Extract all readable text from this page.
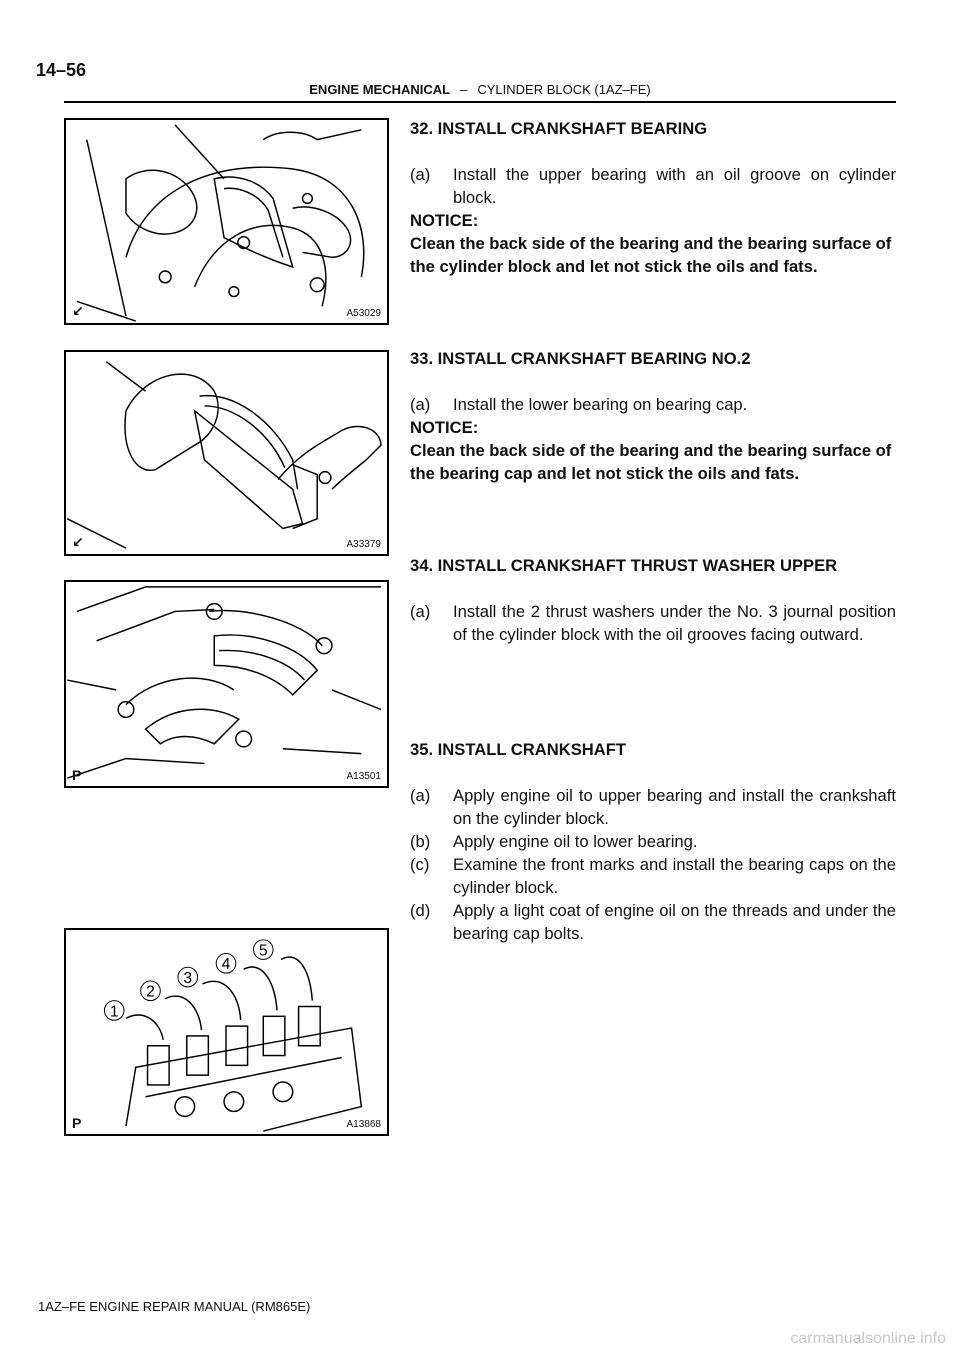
14–56
ENGINE MECHANICAL – CYLINDER BLOCK (1AZ–FE)
↙	A53029
↙	A33379
P	A13501
1
2
3
4
5
P	A13868

32. INSTALL CRANKSHAFT BEARING

(a)	Install the upper bearing with an oil groove on cylinder block.
NOTICE:
Clean the back side of the bearing and the bearing surface of the cylinder block and let not stick the oils and fats.

33. INSTALL CRANKSHAFT BEARING NO.2

(a)	Install the lower bearing on bearing cap.
NOTICE:
Clean the back side of the bearing and the bearing surface of the bearing cap and let not stick the oils and fats.

34. INSTALL CRANKSHAFT THRUST WASHER UPPER

(a)	Install the 2 thrust washers under the No. 3 journal position of the cylinder block with the oil grooves facing outward.

35. INSTALL CRANKSHAFT

(a)	Apply engine oil to upper bearing and install the crankshaft on the cylinder block.
(b)	Apply engine oil to lower bearing.
(c)	Examine the front marks and install the bearing caps on the cylinder block.
(d)	Apply a light coat of engine oil on the threads and under the bearing cap bolts.
1AZ–FE ENGINE REPAIR MANUAL (RM865E)
carmanualsonline.info
